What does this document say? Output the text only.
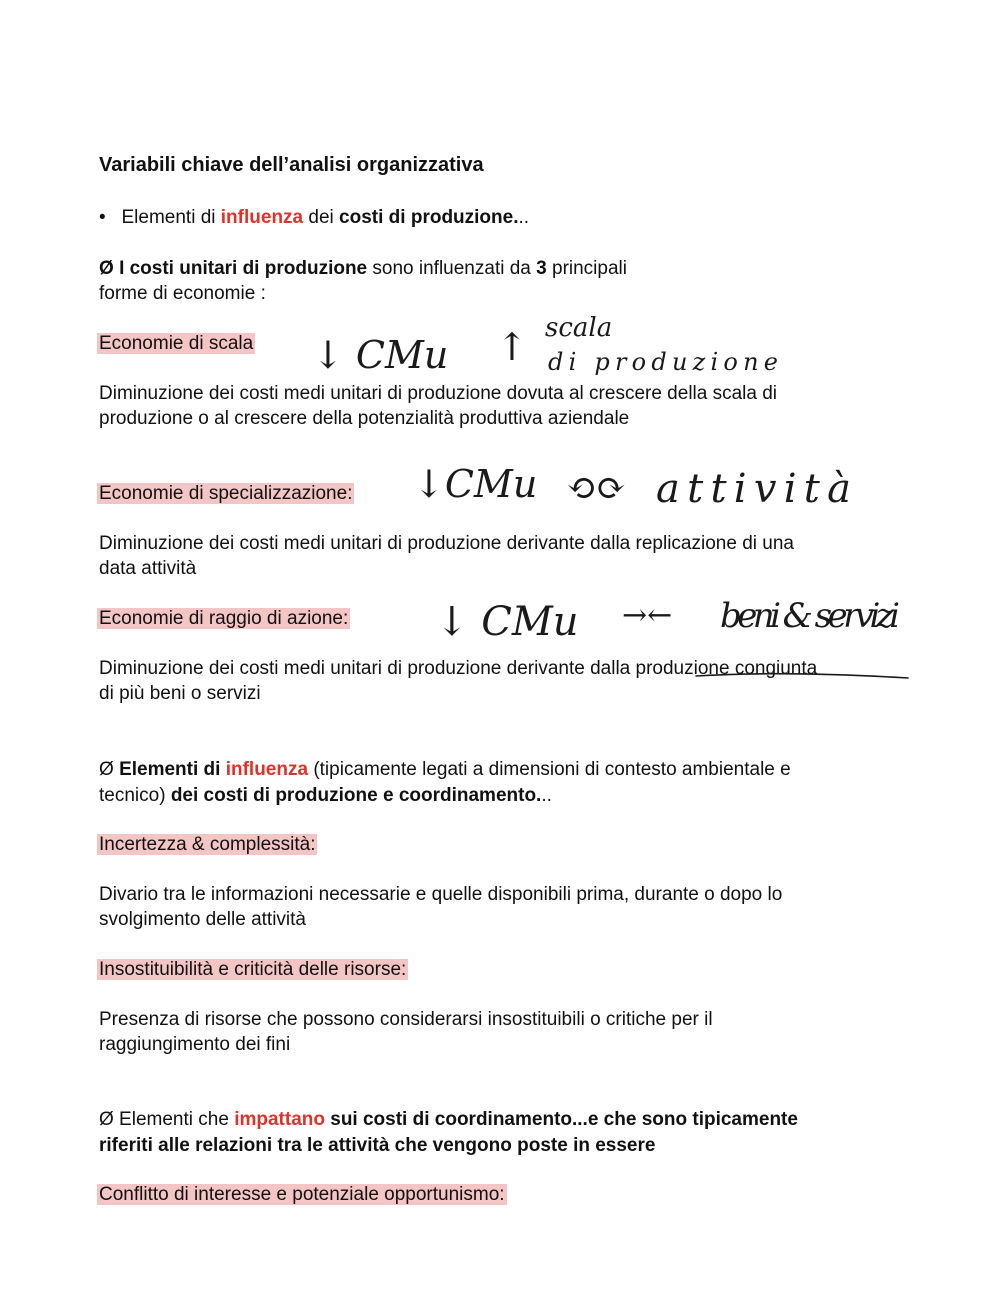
Variabili chiave dell’analisi organizzativa
• Elementi di influenza dei costi di produzione...
Ø I costi unitari di produzione sono influenzati da 3 principali
forme di economie :
Economie di scala
Diminuzione dei costi medi unitari di produzione dovuta al crescere della scala di
produzione o al crescere della potenzialità produttiva aziendale
Economie di specializzazione:
Diminuzione dei costi medi unitari di produzione derivante dalla replicazione di una
data attività
Economie di raggio di azione:
Diminuzione dei costi medi unitari di produzione derivante dalla produzione congiunta
di più beni o servizi
Ø Elementi di influenza (tipicamente legati a dimensioni di contesto ambientale e
tecnico) dei costi di produzione e coordinamento...
Incertezza & complessità:
Divario tra le informazioni necessarie e quelle disponibili prima, durante o dopo lo
svolgimento delle attività
Insostituibilità e criticità delle risorse:
Presenza di risorse che possono considerarsi insostituibili o critiche per il
raggiungimento dei fini
Ø Elementi che impattano sui costi di coordinamento...e che sono tipicamente
riferiti alle relazioni tra le attività che vengono poste in essere
Conflitto di interesse e potenziale opportunismo:
↓ CMu ↑ scala
di produzione
↓CMu ⟲⟳ attività
↓ CMu →← beni & servizi
